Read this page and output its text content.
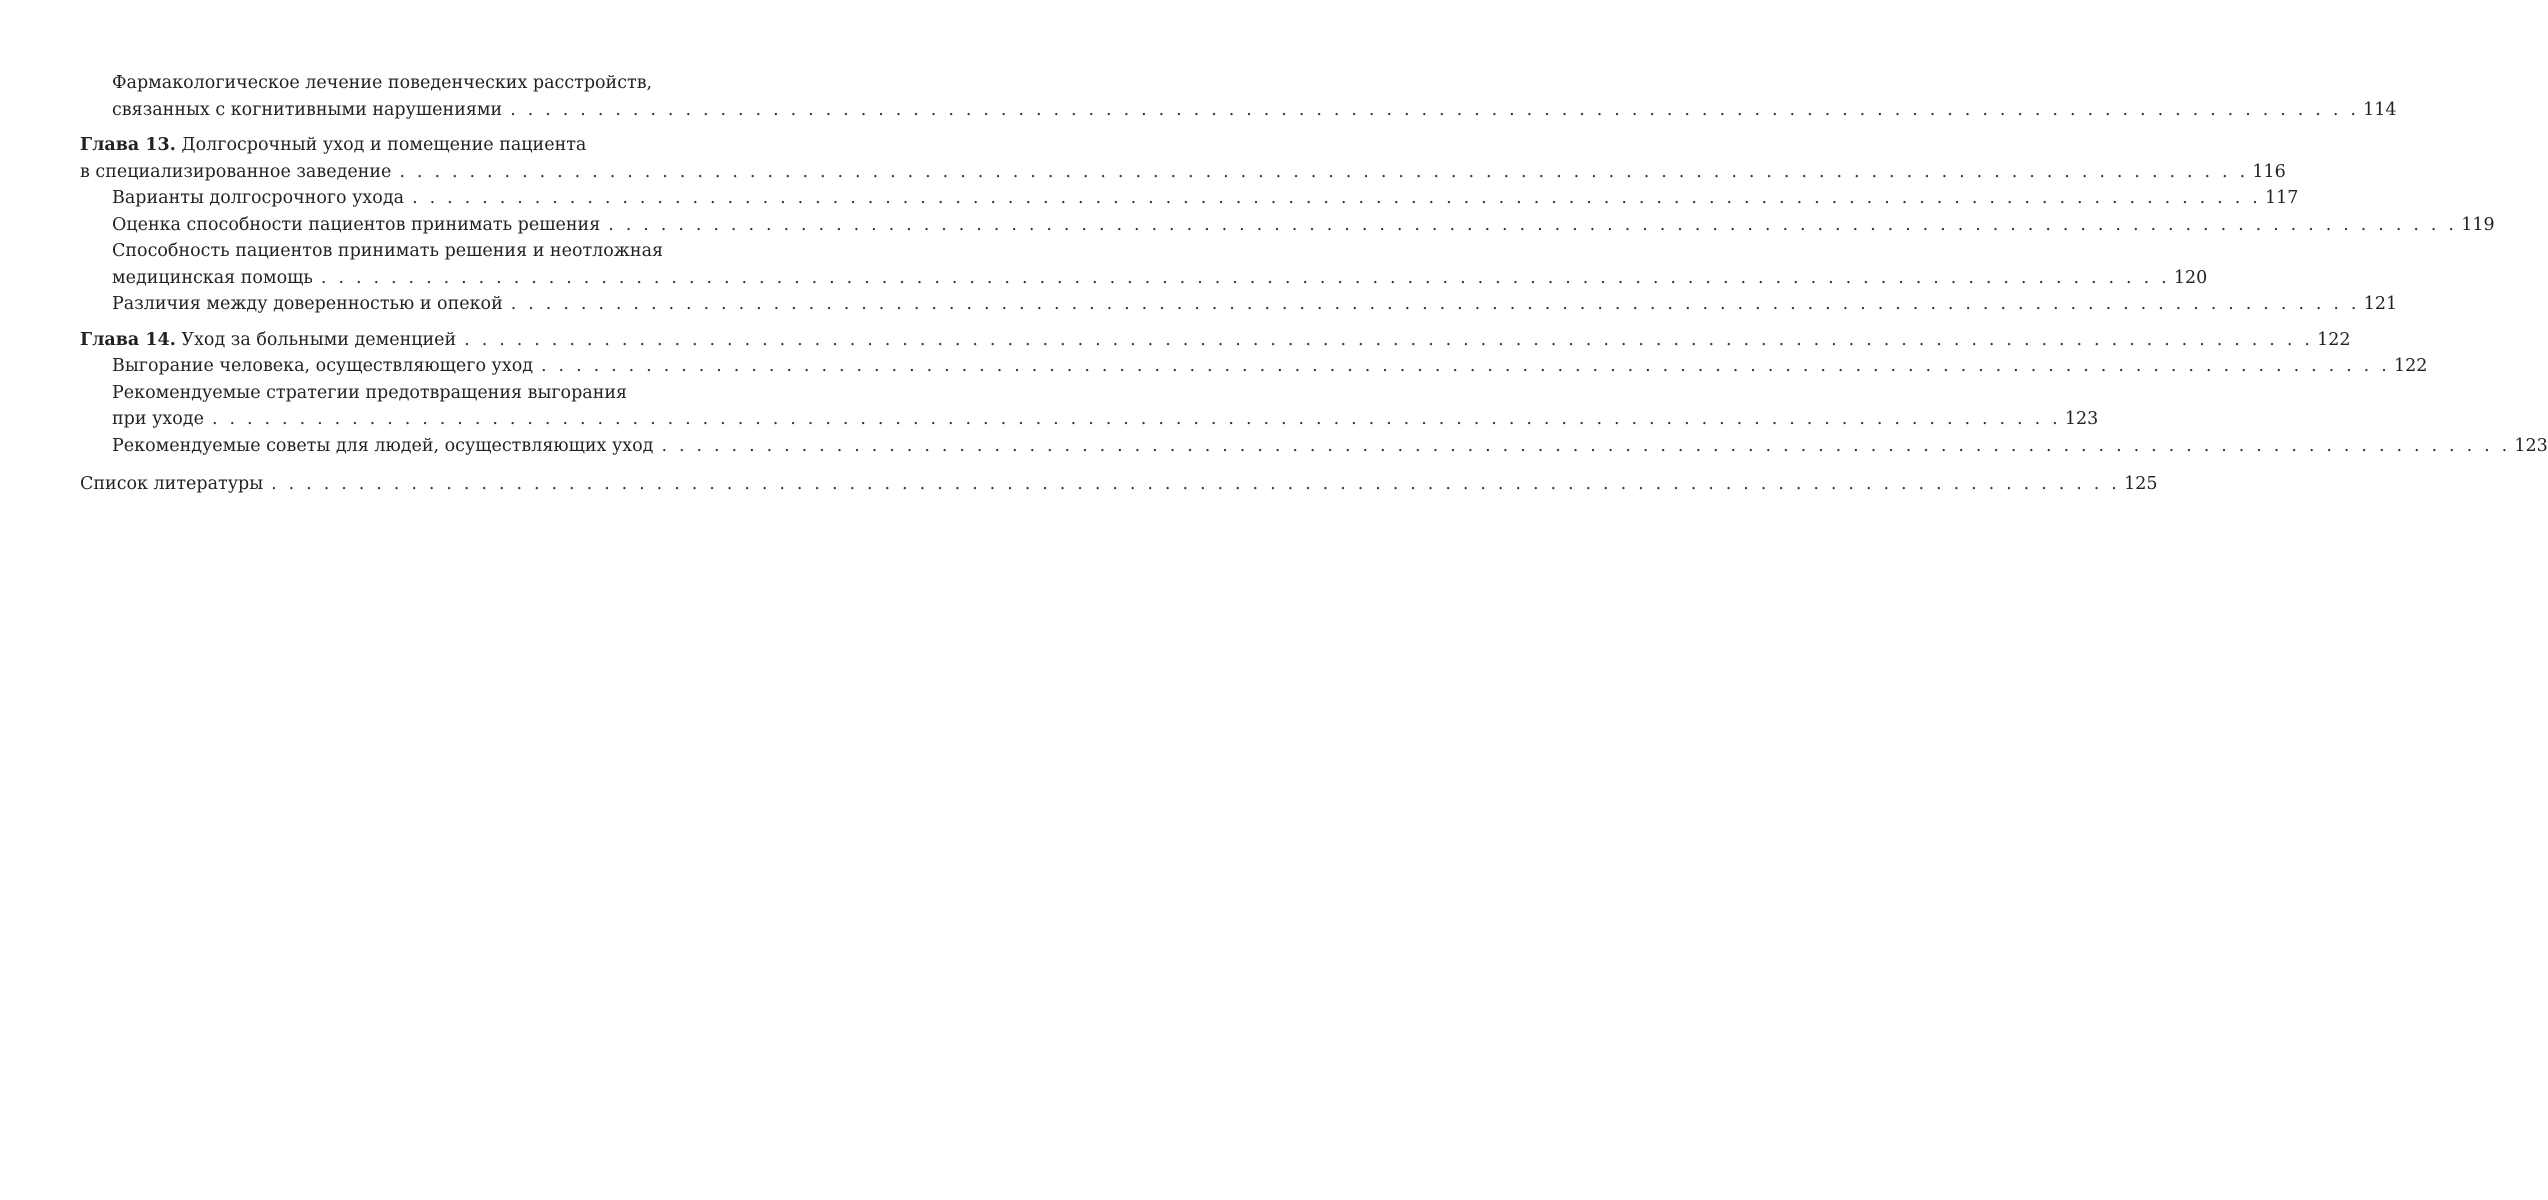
Фармакологическое лечение поведенческих расстройств,
связанных с когнитивными нарушениями . . . . . . . . . . . . . . . . . . . . . . . . . . . . . . . . . . . . . . . . . . . . . . . . . . . . . . . . . . . . . . . . . . . . . . . . . . . . . . . . . . . . . . . . . . . . . . . . . . . . . . . . . . 114
Глава 13. Долгосрочный уход и помещение пациента
в специализированное заведение . . . . . . . . . . . . . . . . . . . . . . . . . . . . . . . . . . . . . . . . . . . . . . . . . . . . . . . . . . . . . . . . . . . . . . . . . . . . . . . . . . . . . . . . . . . . . . . . . . . . . . . . . . 116
Варианты долгосрочного ухода . . . . . . . . . . . . . . . . . . . . . . . . . . . . . . . . . . . . . . . . . . . . . . . . . . . . . . . . . . . . . . . . . . . . . . . . . . . . . . . . . . . . . . . . . . . . . . . . . . . . . . . . . . 117
Оценка способности пациентов принимать решения . . . . . . . . . . . . . . . . . . . . . . . . . . . . . . . . . . . . . . . . . . . . . . . . . . . . . . . . . . . . . . . . . . . . . . . . . . . . . . . . . . . . . . . . . . . . . . . . . . . . . . . . . . 119
Способность пациентов принимать решения и неотложная
медицинская помощь . . . . . . . . . . . . . . . . . . . . . . . . . . . . . . . . . . . . . . . . . . . . . . . . . . . . . . . . . . . . . . . . . . . . . . . . . . . . . . . . . . . . . . . . . . . . . . . . . . . . . . . . . . 120
Различия между доверенностью и опекой . . . . . . . . . . . . . . . . . . . . . . . . . . . . . . . . . . . . . . . . . . . . . . . . . . . . . . . . . . . . . . . . . . . . . . . . . . . . . . . . . . . . . . . . . . . . . . . . . . . . . . . . . . 121
Глава 14. Уход за больными деменцией . . . . . . . . . . . . . . . . . . . . . . . . . . . . . . . . . . . . . . . . . . . . . . . . . . . . . . . . . . . . . . . . . . . . . . . . . . . . . . . . . . . . . . . . . . . . . . . . . . . . . . . . . . 122
Выгорание человека, осуществляющего уход . . . . . . . . . . . . . . . . . . . . . . . . . . . . . . . . . . . . . . . . . . . . . . . . . . . . . . . . . . . . . . . . . . . . . . . . . . . . . . . . . . . . . . . . . . . . . . . . . . . . . . . . . . 122
Рекомендуемые стратегии предотвращения выгорания
при уходе . . . . . . . . . . . . . . . . . . . . . . . . . . . . . . . . . . . . . . . . . . . . . . . . . . . . . . . . . . . . . . . . . . . . . . . . . . . . . . . . . . . . . . . . . . . . . . . . . . . . . . . . . . 123
Рекомендуемые советы для людей, осуществляющих уход . . . . . . . . . . . . . . . . . . . . . . . . . . . . . . . . . . . . . . . . . . . . . . . . . . . . . . . . . . . . . . . . . . . . . . . . . . . . . . . . . . . . . . . . . . . . . . . . . . . . . . . . . . 123
Список литературы . . . . . . . . . . . . . . . . . . . . . . . . . . . . . . . . . . . . . . . . . . . . . . . . . . . . . . . . . . . . . . . . . . . . . . . . . . . . . . . . . . . . . . . . . . . . . . . . . . . . . . . . . . 125
